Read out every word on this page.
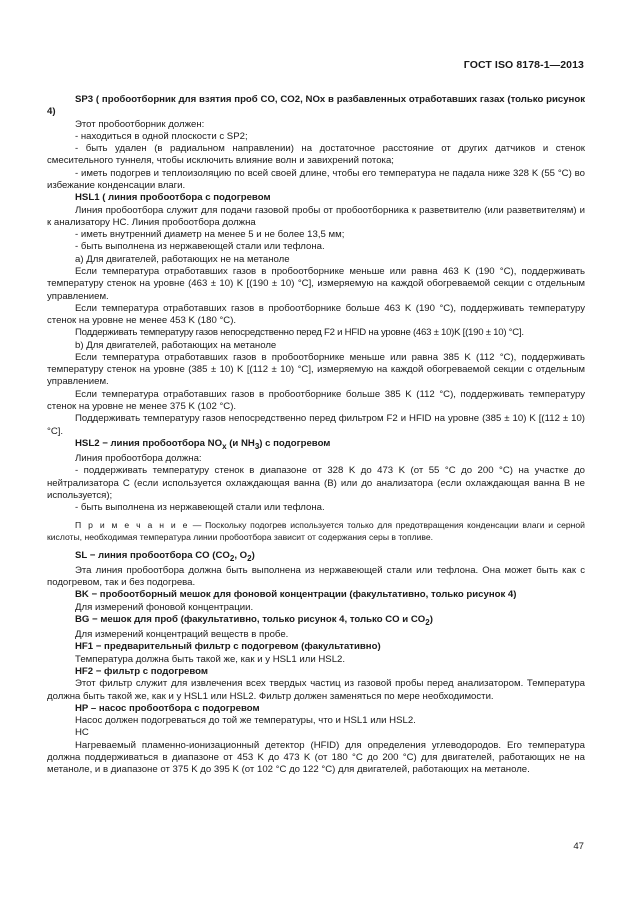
ГОСТ ISO 8178-1—2013

SP3 ( пробоотборник для взятия проб CO, CO2, NOx в разбавленных отработавших газах (только рисунок 4)

Этот пробоотборник должен:

- находиться в одной плоскости с SP2;

- быть удален (в радиальном направлении) на достаточное расстояние от других датчиков и стенок смесительного туннеля, чтобы исключить влияние волн и завихрений потока;

- иметь подогрев и теплоизоляцию по всей своей длине, чтобы его температура не падала ниже 328 K (55 °C) во избежание конденсации влаги.

HSL1 ( линия пробоотбора с подогревом

Линия пробоотбора служит для подачи газовой пробы от пробоотборника к разветвителю (или разветвителям) и к анализатору HC. Линия пробоотбора должна

- иметь внутренний диаметр на менее 5 и не более 13,5 мм;

- быть выполнена из нержавеющей стали или тефлона.

a) Для двигателей, работающих не на метаноле

Если температура отработавших газов в пробоотборнике меньше или равна 463 K (190 °C), поддерживать температуру стенок на уровне (463 ± 10) K [(190 ± 10) °C], измеряемую на каждой обогреваемой секции с отдельным управлением.

Если температура отработавших газов в пробоотборнике больше 463 K (190 °C), поддерживать температуру стенок на уровне не менее 453 K (180 °C).

Поддерживать температуру газов непосредственно перед F2 и HFID на уровне (463 ± 10)K [(190 ± 10) °C].

b) Для двигателей, работающих на метаноле

Если температура отработавших газов в пробоотборнике меньше или равна 385 K (112 °C), поддерживать температуру стенок на уровне (385 ± 10) K [(112 ± 10) °C], измеряемую на каждой обогреваемой секции с отдельным управлением.

Если температура отработавших газов в пробоотборнике больше 385 K (112 °C), поддерживать температуру стенок на уровне не менее 375 K (102 °C).

Поддерживать температуру газов непосредственно перед фильтром F2 и HFID на уровне (385 ± 10) K [(112 ± 10) °C].

HSL2 − линия пробоотбора $NO_x$ (и $NH_3$) с подогревом

Линия пробоотбора должна:

- поддерживать температуру стенок в диапазоне от 328 K до 473 K (от 55 °C до 200 °C) на участке до нейтрализатора C (если используется охлаждающая ванна (B) или до анализатора (если охлаждающая ванна B не используется);

- быть выполнена из нержавеющей стали или тефлона.

П р и м е ч а н и е — Поскольку подогрев используется только для предотвращения конденсации влаги и серной кислоты, необходимая температура линии пробоотбора зависит от содержания серы в топливе.

SL − линия пробоотбора CO ($CO_2$, $O_2$)

Эта линия пробоотбора должна быть выполнена из нержавеющей стали или тефлона. Она может быть как с подогревом, так и без подогрева.

BK − пробоотборный мешок для фоновой концентрации (факультативно, только рисунок 4)

Для измерений фоновой концентрации.

BG − мешок для проб (факультативно, только рисунок 4, только CO и $CO_2$)

Для измерений концентраций веществ в пробе.

HF1 − предварительный фильтр с подогревом (факультативно)

Температура должна быть такой же, как и у HSL1 или HSL2.

HF2 − фильтр с подогревом

Этот фильтр служит для извлечения всех твердых частиц из газовой пробы перед анализатором. Температура должна быть такой же, как и у HSL1 или HSL2. Фильтр должен заменяться по мере необходимости.

HP – насос пробоотбора с подогревом

Насос должен подогреваться до той же температуры, что и HSL1 или HSL2.

HC

Нагреваемый пламенно-ионизационный детектор (HFID) для определения углеводородов. Его температура должна поддерживаться в диапазоне от 453 K до 473 K (от 180 °C до 200 °C) для двигателей, работающих не на метаноле, и в диапазоне от 375 K до 395 K (от 102 °C до 122 °C) для двигателей, работающих на метаноле.

47
